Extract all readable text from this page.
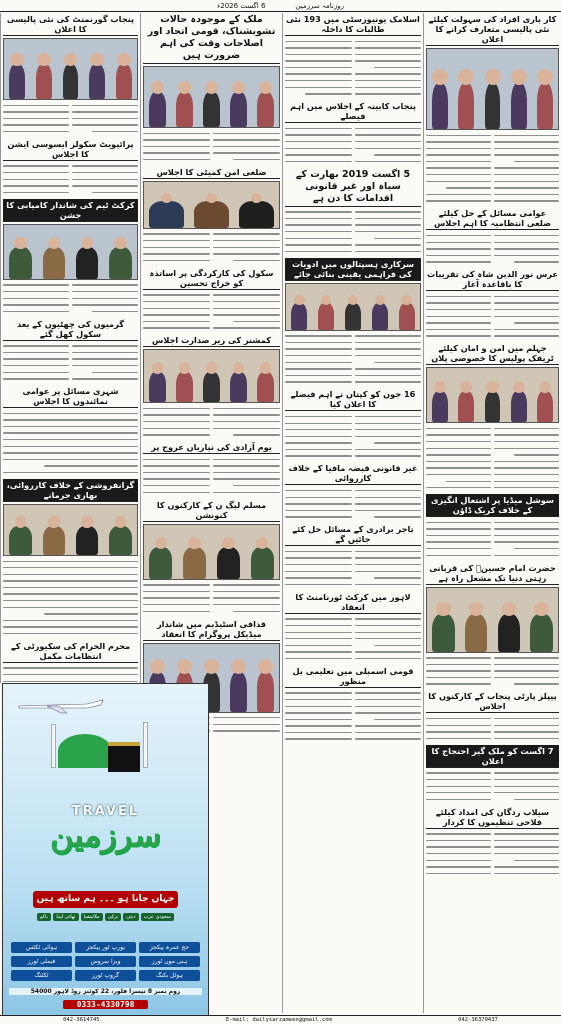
روزنامہ سرزمین
6 اگست 2026ء
کار باری افراد کی سہولت کیلئے نئی پالیسی متعارف کرانے کا اعلان
عوامی مسائل کے حل کیلئے ضلعی انتظامیہ کا اہم اجلاس
عرس نور الدین شاہ کی تقریبات کا باقاعدہ آغاز
جہلم میں امن و امان کیلئے ٹریفک پولیس کا خصوصی پلان
سوشل میڈیا پر اشتعال انگیزی کے خلاف کریک ڈاؤن
حضرت امام حسینؓ کی قربانی رہتی دنیا تک مشعل راہ ہے
پیپلز پارٹی پنجاب کے کارکنوں کا اجلاس
7 اگست کو ملک گیر احتجاج کا اعلان
سیلاب زدگان کی امداد کیلئے فلاحی تنظیموں کا کردار
اسلامک یونیورسٹی میں 193 نئی طالبات کا داخلہ
پنجاب کابینہ کے اجلاس میں اہم فیصلے
5 اگست 2019 بھارت کے سیاہ اور غیر قانونی اقدامات کا دن ہے
سرکاری ہسپتالوں میں ادویات کی فراہمی یقینی بنائی جائے
16 جون کو کپتان نے اہم فیصلے کا اعلان کیا
غیر قانونی قبضہ مافیا کے خلاف کارروائی
تاجر برادری کے مسائل حل کئے جائیں گے
لاہور میں کرکٹ ٹورنامنٹ کا انعقاد
قومی اسمبلی میں تعلیمی بل منظور
ملک کے موجودہ حالات تشویشناک، قومی اتحاد اور اصلاحات وقت کی اہم ضرورت ہیں
ضلعی امن کمیٹی کا اجلاس
سکول کی کارکردگی پر اساتذہ کو خراج تحسین
کمشنر کی زیر صدارت اجلاس
یوم آزادی کی تیاریاں عروج پر
مسلم لیگ ن کے کارکنوں کا کنونشن
قذافی اسٹیڈیم میں شاندار میڈیکل پروگرام کا انعقاد
پنجاب گورنمنٹ کی نئی پالیسی کا اعلان
پرائیویٹ سکولز ایسوسی ایشن کا اجلاس
کرکٹ ٹیم کی شاندار کامیابی کا جشن
گرمیوں کی چھٹیوں کے بعد سکول کھل گئے
شہری مسائل پر عوامی نمائندوں کا اجلاس
گرانفروشی کے خلاف کارروائی، بھاری جرمانے
محرم الحرام کی سکیورٹی کے انتظامات مکمل
TRAVEL
سرزمین
جہاں جانا ہو ۔۔۔ ہم ساتھ ہیں
سعودی عرب
دبئی
ترکی
ملائیشیا
تھائی لینڈ
باکو
حج عمرہ پیکجز
یورپ ٹور پیکجز
ہوائی ٹکٹس
ہنی مون ٹورز
ویزا سروس
فیملی ٹورز
ہوٹل بکنگ
گروپ ٹورز
ٹکٹنگ
روم نمبر 8 تیسرا فلور، 22 کوئنز روڈ لاہور 54000
0333-4330798
042-36370437
E-mail: dailysarzameen@gmail.com
042-3614745
